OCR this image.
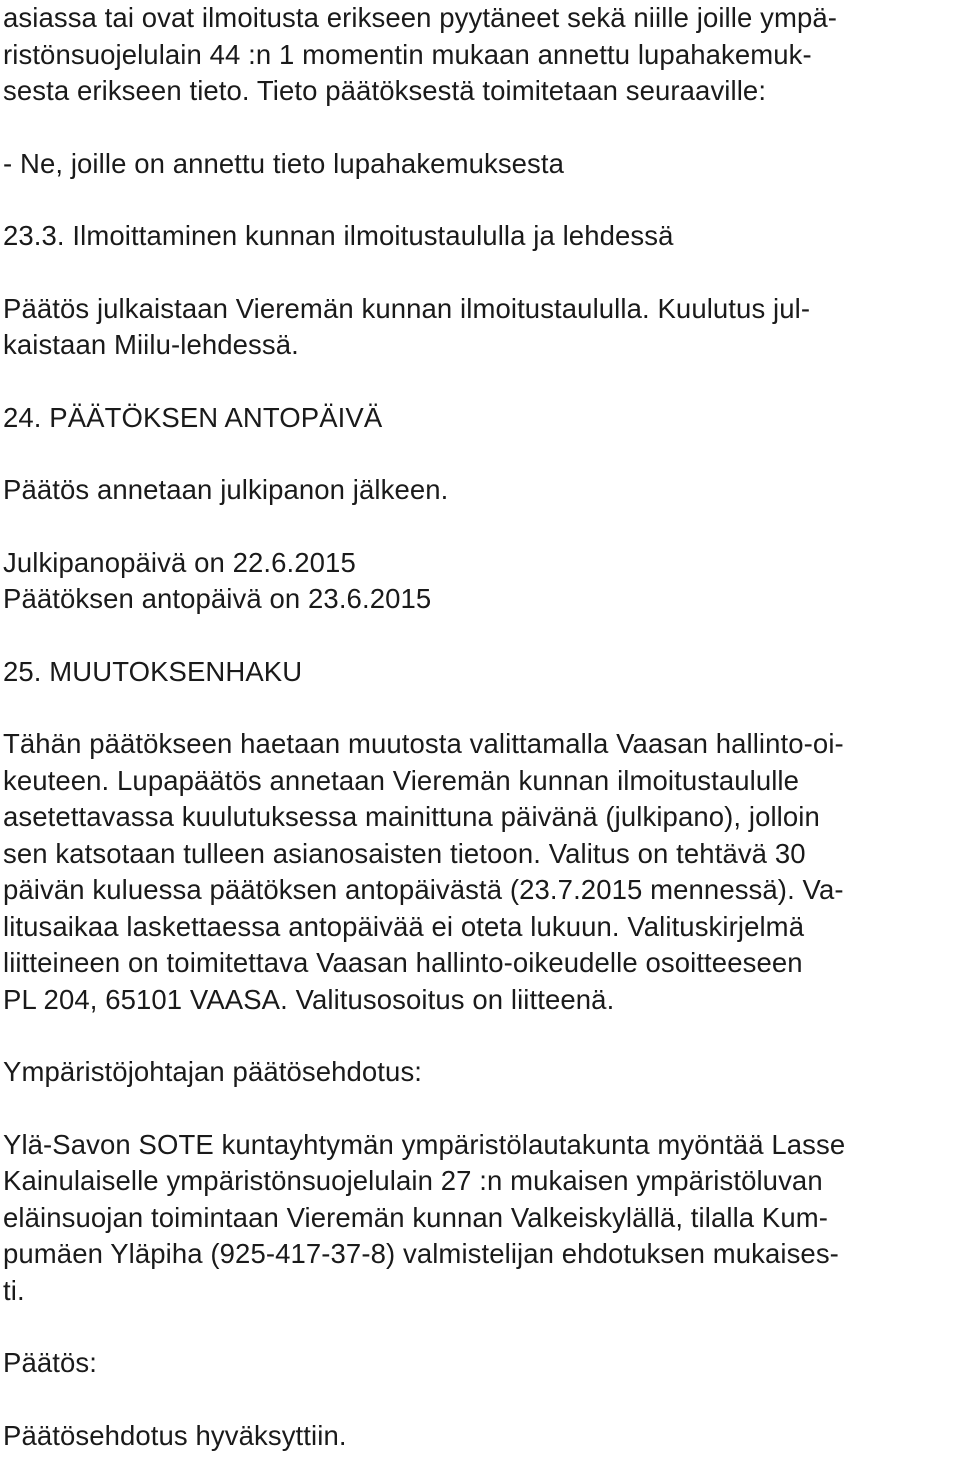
asiassa tai ovat ilmoitusta erikseen pyytäneet sekä niille joille ympä-
ristönsuojelulain 44 :n 1 momentin mukaan annettu lupahakemuk-
sesta erikseen tieto. Tieto päätöksestä toimitetaan seuraaville:
- Ne, joille on annettu tieto lupahakemuksesta
23.3. Ilmoittaminen kunnan ilmoitustaululla ja lehdessä
Päätös julkaistaan Vieremän kunnan ilmoitustaululla. Kuulutus jul-
kaistaan Miilu-lehdessä.
24. PÄÄTÖKSEN ANTOPÄIVÄ
Päätös annetaan julkipanon jälkeen.
Julkipanopäivä on 22.6.2015
Päätöksen antopäivä on 23.6.2015
25. MUUTOKSENHAKU
Tähän päätökseen haetaan muutosta valittamalla Vaasan hallinto-oi-
keuteen. Lupapäätös annetaan Vieremän kunnan ilmoitustaululle
asetettavassa kuulutuksessa mainittuna päivänä (julkipano), jolloin
sen katsotaan tulleen asianosaisten tietoon. Valitus on tehtävä 30
päivän kuluessa päätöksen antopäivästä (23.7.2015 mennessä). Va-
litusaikaa laskettaessa antopäivää ei oteta lukuun. Valituskirjelmä
liitteineen on toimitettava Vaasan hallinto-oikeudelle osoitteeseen
PL 204, 65101 VAASA. Valitusosoitus on liitteenä.
Ympäristöjohtajan päätösehdotus:
Ylä-Savon SOTE kuntayhtymän ympäristölautakunta myöntää Lasse
Kainulaiselle ympäristönsuojelulain 27 :n mukaisen ympäristöluvan
eläinsuojan toimintaan Vieremän kunnan Valkeiskylällä, tilalla Kum-
pumäen Yläpiha (925-417-37-8) valmistelijan ehdotuksen mukaises-
ti.
Päätös:
Päätösehdotus hyväksyttiin.
